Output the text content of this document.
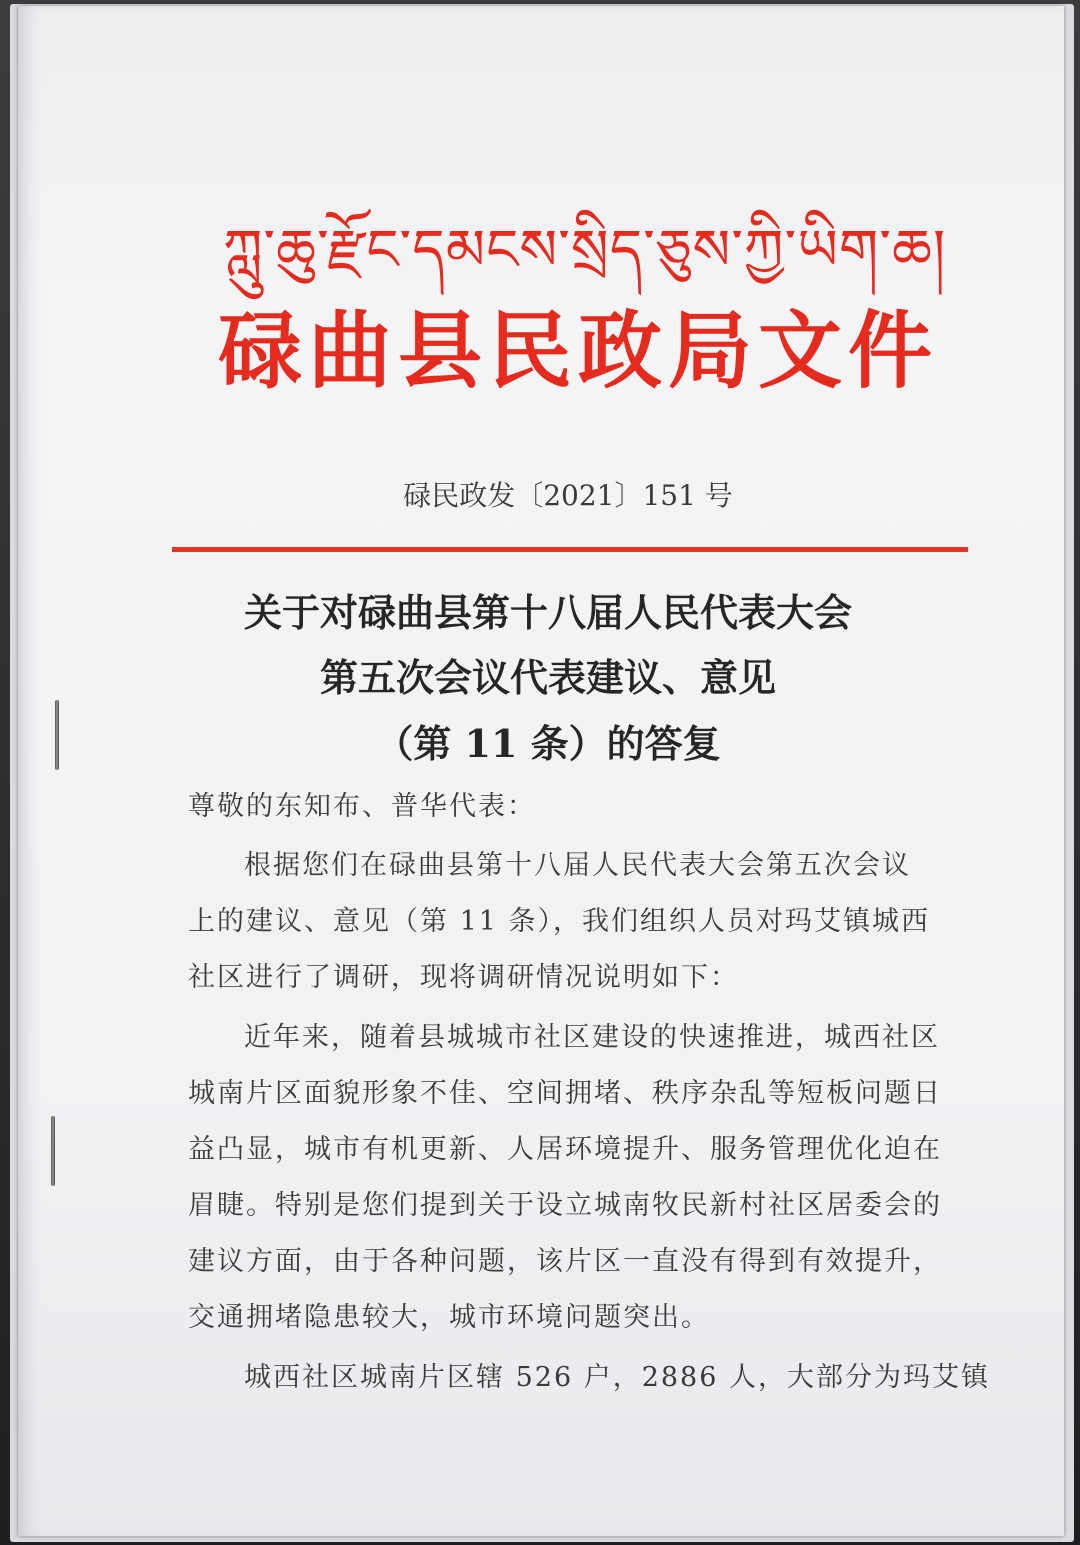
ཀླུ་ཆུ་རྫོང་དམངས་སྲིད་ཅུས་ཀྱི་ཡིག་ཆ།
碌曲县民政局文件
碌民政发〔2021〕151 号
关于对碌曲县第十八届人民代表大会
第五次会议代表建议、意见
（第 11 条）的答复
尊敬的东知布、普华代表：
根据您们在碌曲县第十八届人民代表大会第五次会议
上的建议、意见（第 11 条），我们组织人员对玛艾镇城西
社区进行了调研，现将调研情况说明如下：
近年来，随着县城城市社区建设的快速推进，城西社区
城南片区面貌形象不佳、空间拥堵、秩序杂乱等短板问题日
益凸显，城市有机更新、人居环境提升、服务管理优化迫在
眉睫。特别是您们提到关于设立城南牧民新村社区居委会的
建议方面，由于各种问题，该片区一直没有得到有效提升，
交通拥堵隐患较大，城市环境问题突出。
城西社区城南片区辖 526 户，2886 人，大部分为玛艾镇
